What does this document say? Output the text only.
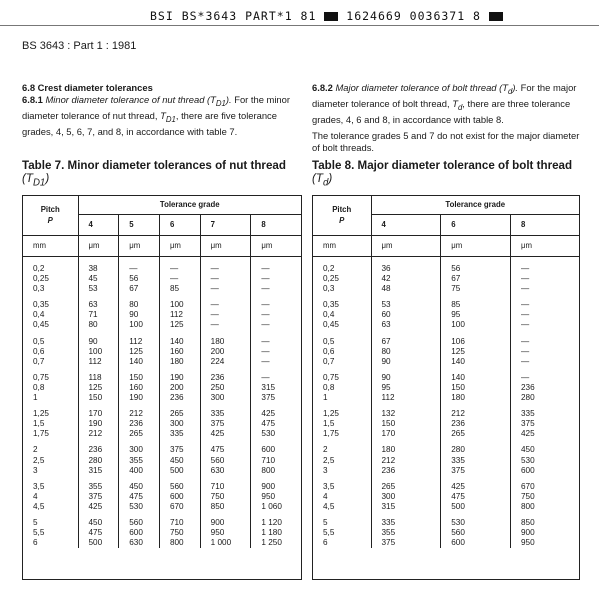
BSI BS*3643 PART*1 81	1624669 0036371 8
BS 3643 : Part 1 : 1981
6.8 Crest diameter tolerances
6.8.1 Minor diameter tolerance of nut thread $(T_{D1})$. For the minor diameter tolerance of nut thread, $T_{D1}$, there are five tolerance grades, 4, 5, 6, 7, and 8, in accordance with table 7.
6.8.2 Major diameter tolerance of bolt thread $(T_d)$. For the major diameter tolerance of bolt thread, $T_d$, there are three tolerance grades, 4, 6 and 8, in accordance with table 8.
The tolerance grades 5 and 7 do not exist for the major diameter of bolt threads.
Table 7. Minor diameter tolerances of nut thread
$(T_{D1})$
Table 8. Major diameter tolerance of bolt thread
$(T_d)$
Pitch
P	Tolerance grade				
	4	5	6	7	8
mm	μm	μm	μm	μm	μm
0,2	38	—	—	—	—
0,25	45	56	—	—	—
0,3	53	67	85	—	—
0,35	63	80	100	—	—
0,4	71	90	112	—	—
0,45	80	100	125	—	—
0,5	90	112	140	180	—
0,6	100	125	160	200	—
0,7	112	140	180	224	—
0,75	118	150	190	236	—
0,8	125	160	200	250	315
1	150	190	236	300	375
1,25	170	212	265	335	425
1,5	190	236	300	375	475
1,75	212	265	335	425	530
2	236	300	375	475	600
2,5	280	355	450	560	710
3	315	400	500	630	800
3,5	355	450	560	710	900
4	375	475	600	750	950
4,5	425	530	670	850	1 060
5	450	560	710	900	1 120
5,5	475	600	750	950	1 180
6	500	630	800	1 000	1 250
Pitch
P	Tolerance grade		
	4	6	8
mm	μm	μm	μm
0,2	36	56	—
0,25	42	67	—
0,3	48	75	—
0,35	53	85	—
0,4	60	95	—
0,45	63	100	—
0,5	67	106	—
0,6	80	125	—
0,7	90	140	—
0,75	90	140	—
0,8	95	150	236
1	112	180	280
1,25	132	212	335
1,5	150	236	375
1,75	170	265	425
2	180	280	450
2,5	212	335	530
3	236	375	600
3,5	265	425	670
4	300	475	750
4,5	315	500	800
5	335	530	850
5,5	355	560	900
6	375	600	950
